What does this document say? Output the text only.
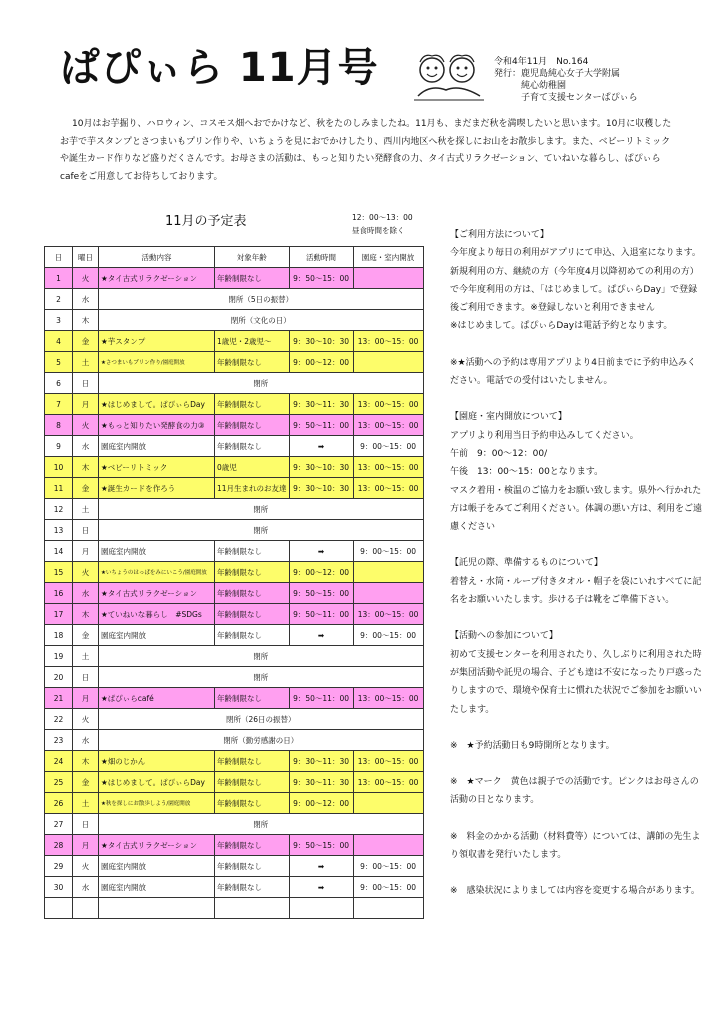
ぱぴぃら 11月号	令和4年11月　No.164
発行：鹿児島純心女子大学附属
　　　純心幼稚園
　　　子育て支援センターぱぴぃら
10月はお芋掘り、ハロウィン、コスモス畑へおでかけなど、秋をたのしみましたね。11月も、まだまだ秋を満喫したいと思います。10月に収穫したお芋で芋スタンプとさつまいもプリン作りや、いちょうを見におでかけしたり、西川内地区へ秋を探しにお山をお散歩します。また、ベビーリトミックや誕生カード作りなど盛りだくさんです。お母さまの活動は、もっと知りたい発酵食の力、タイ古式リラクゼーション、ていねいな暮らし、ぱぴぃらcafeをご用意してお待ちしております。
11月の予定表	12：00～13：00
昼食時間を除く
日	曜日	活動内容	対象年齢	活動時間	園庭・室内開放
1	火	★タイ古式リラクゼーション	年齢制限なし	9：50～15：00	
2	水	閉所（5日の振替）			
3	木	閉所（文化の日）			
4	金	★芋スタンプ	1歳児・2歳児～	9：30～10：30	13：00～15：00
5	土	★さつまいもプリン作り/園庭開放	年齢制限なし	9：00～12：00	
6	日	閉所			
7	月	★はじめまして。ぱぴぃらDay	年齢制限なし	9：30～11：30	13：00～15：00
8	火	★もっと知りたい発酵食の力③	年齢制限なし	9：50～11：00	13：00～15：00
9	水	園庭室内開放	年齢制限なし	➡	9：00～15：00
10	木	★ベビーリトミック	0歳児	9：30～10：30	13：00～15：00
11	金	★誕生カードを作ろう	11月生まれのお友達	9：30～10：30	13：00～15：00
12	土	閉所			
13	日	閉所			
14	月	園庭室内開放	年齢制限なし	➡	9：00～15：00
15	火	★いちょうのはっぱをみにいこう/園庭開放	年齢制限なし	9：00～12：00	
16	水	★タイ古式リラクゼーション	年齢制限なし	9：50～15：00	
17	木	★ていねいな暮らし　#SDGs	年齢制限なし	9：50～11：00	13：00～15：00
18	金	園庭室内開放	年齢制限なし	➡	9：00～15：00
19	土	閉所			
20	日	閉所			
21	月	★ぱぴぃらcafé	年齢制限なし	9：50～11：00	13：00～15：00
22	火	閉所（26日の振替）			
23	水	閉所（勤労感謝の日）			
24	木	★畑のじかん	年齢制限なし	9：30～11：30	13：00～15：00
25	金	★はじめまして。ぱぴぃらDay	年齢制限なし	9：30～11：30	13：00～15：00
26	土	★秋を探しにお散歩しよう/園庭開放	年齢制限なし	9：00～12：00	
27	日	閉所			
28	月	★タイ古式リラクゼーション	年齢制限なし	9：50～15：00	
29	火	園庭室内開放	年齢制限なし	➡	9：00～15：00
30	水	園庭室内開放	年齢制限なし	➡	9：00～15：00

【ご利用方法について】

今年度より毎日の利用がアプリにて申込、入退室になります。新規利用の方、継続の方（今年度4月以降初めての利用の方）で今年度利用の方は、「はじめまして。ぱぴぃらDay」で登録後ご利用できます。※登録しないと利用できません

※はじめまして。ぱぴぃらDayは電話予約となります。

※★活動への予約は専用アプリより4日前までに予約申込みください。電話での受付はいたしません。

【園庭・室内開放について】

アプリより利用当日予約申込みしてください。

午前　9：00～12：00/

午後　13：00～15：00となります。

マスク着用・検温のご協力をお願い致します。県外へ行かれた方は帳子をみてご利用ください。体調の悪い方は、利用をご遠慮ください

【託児の際、準備するものについて】

着替え・水筒・ループ付きタオル・帽子を袋にいれすべてに記名をお願いいたします。歩ける子は靴をご準備下さい。

【活動への参加について】

初めて支援センターを利用されたり、久しぶりに利用された時が集団活動や託児の場合、子ども達は不安になったり戸惑ったりしますので、環境や保育士に慣れた状況でご参加をお願いいたします。

※　★予約活動日も9時開所となります。

※　★マーク　黄色は親子での活動です。ピンクはお母さんの活動の日となります。

※　料金のかかる活動（材料費等）については、講師の先生より領収書を発行いたします。

※　感染状況によりましては内容を変更する場合があります。
